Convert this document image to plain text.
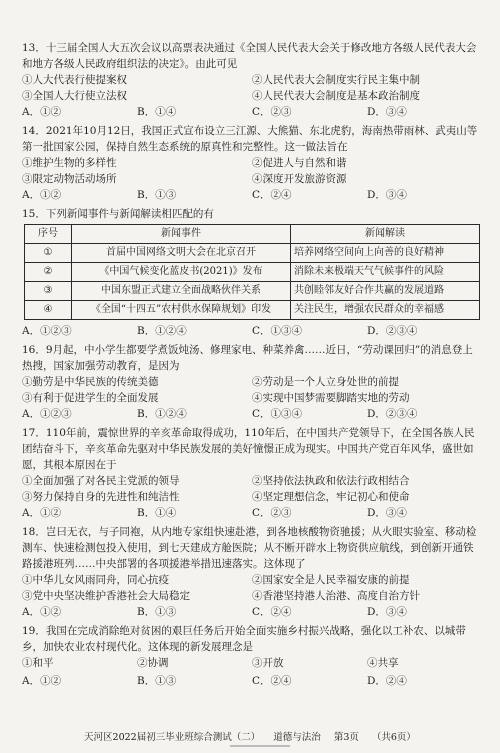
13．十三届全国人大五次会议以高票表决通过《全国人民代表大会关于修改地方各级人民代表大会和地方各级人民政府组织法的决定》。由此可见
①人大代表行使提案权	②人民代表大会制度实行民主集中制
③全国人大行使立法权	④人民代表大会制度是基本政治制度
A．①②	B．①④	C．②③	D．③④
14．2021年10月12日，我国正式宣布设立三江源、大熊猫、东北虎豹，海南热带雨林、武夷山等第一批国家公园，保持自然生态系统的原真性和完整性。这一做法旨在
①维护生物的多样性	②促进人与自然和谐
③限定动物活动场所	④深度开发旅游资源
A．①②	B．①③	C．②④	D．③④
15．下列新闻事件与新闻解读相匹配的有
序号	新闻事件	新闻解读
①	首届中国网络文明大会在北京召开	培养网络空间向上向善的良好精神
②	《中国气候变化蓝皮书(2021)》发布	消除未来极端天气气候事件的风险
③	中国东盟正式建立全面战略伙伴关系	共创睦邻友好合作共赢的发展道路
④	《全国“十四五”农村供水保障规划》印发	关注民生，增强农民群众的幸福感
A．①②③	B．①②④	C．①③④	D．②③④
16．9月起，中小学生都要学煮饭炖汤、修理家电、种菜养禽……近日，“劳动课回归”的消息登上热搜，国家加强劳动教育，是因为
①勤劳是中华民族的传统美德	②劳动是一个人立身处世的前提
③有利于促进学生的全面发展	④实现中国梦需要脚踏实地的劳动
A．①②③	B．①②④	C．①③④	D．②③④
17．110年前，震惊世界的辛亥革命取得成功，110年后，在中国共产党领导下，在全国各族人民团结奋斗下，辛亥革命先驱对中华民族发展的美好憧憬正成为现实。中国共产党百年风华，盛世如愿，其根本原因在于
①全面加强了对各民主党派的领导	②坚持依法执政和依法行政相结合
③努力保持自身的先进性和纯洁性	④坚定理想信念，牢记初心和使命
A．①②	B．①④	C．②③	D．③④
18．岂曰无衣，与子同袍，从内地专家组快速赴港，到各地核酸物资驰援；从火眼实验室、移动检测车、快速检测包投入使用，到七天建成方舱医院；从不断开辟水上物资供应航线，到创新开通铁路援港班列……中央部署的各项援港举措迅速落实。这体现了
①中华儿女风雨同舟，同心抗疫	②国家安全是人民幸福安康的前提
③党中央坚决维护香港社会大局稳定	④香港坚持港人治港、高度自治方针
A．①②	B．①③	C．②④	D．③④
19．我国在完成消除绝对贫困的艰巨任务后开始全面实施乡村振兴战略，强化以工补农、以城带乡，加快农业农村现代化。这体现的新发展理念是
①和平	②协调	③开放	④共享
A．①②	B．①③	C．②④	D．②④
天河区2022届初三毕业班综合测试（二） 道德与法治 第3页 （共6页）
